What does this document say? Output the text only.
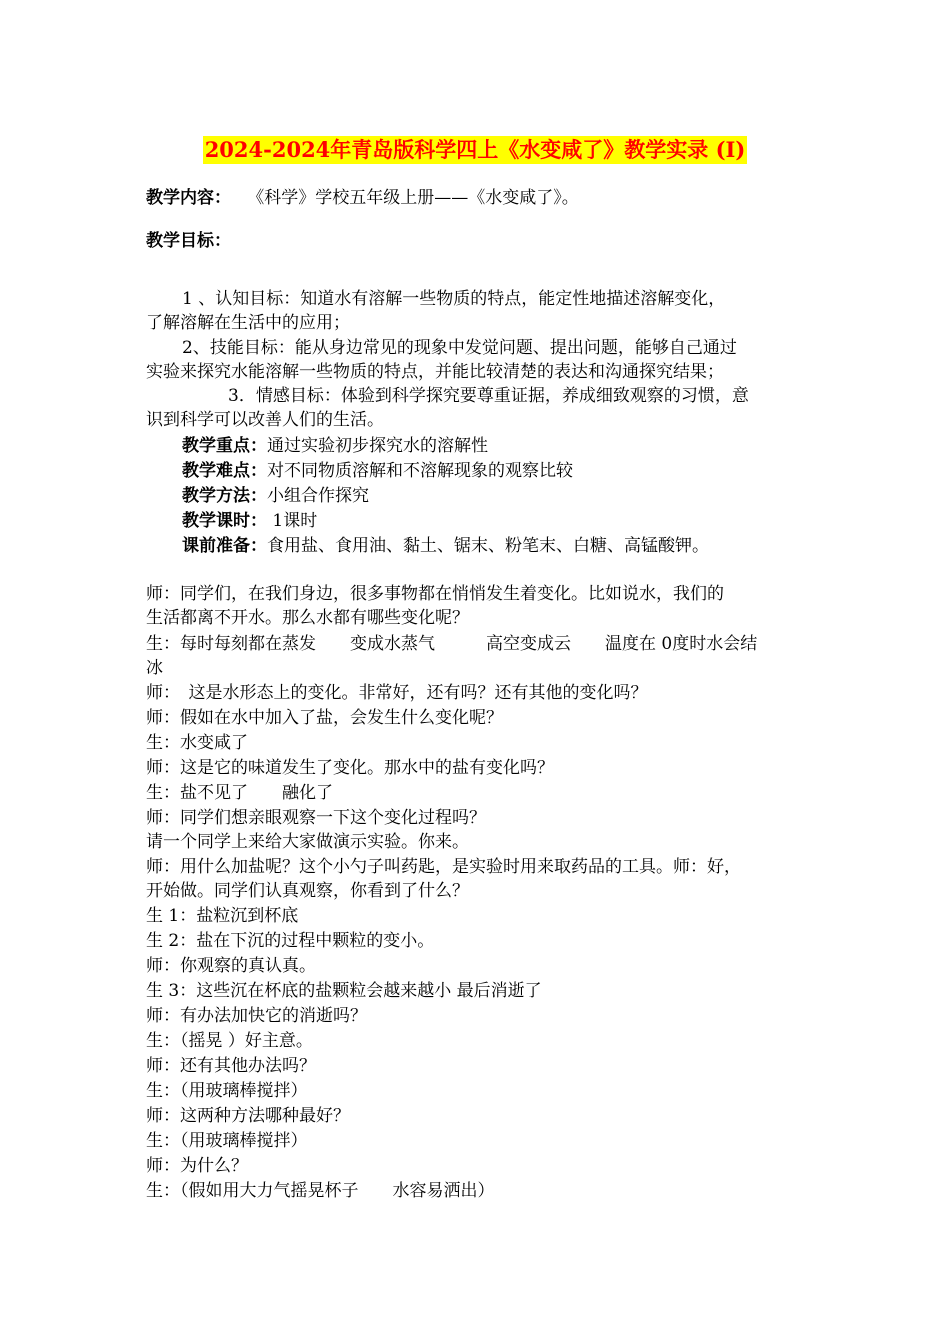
2024-2024年青岛版科学四上《水变咸了》教学实录 (I)
教学内容： 《科学》学校五年级上册——《水变咸了》。
教学目标：
1 、认知目标：知道水有溶解一些物质的特点，能定性地描述溶解变化，
了解溶解在生活中的应用；
2、技能目标：能从身边常见的现象中发觉问题、提出问题，能够自己通过
实验来探究水能溶解一些物质的特点，并能比较清楚的表达和沟通探究结果；
3．情感目标：体验到科学探究要尊重证据，养成细致观察的习惯，意
识到科学可以改善人们的生活。
教学重点：通过实验初步探究水的溶解性
教学难点：对不同物质溶解和不溶解现象的观察比较
教学方法：小组合作探究
教学课时： 1课时
课前准备：食用盐、食用油、黏土、锯末、粉笔末、白糖、高锰酸钾。
师：同学们，在我们身边，很多事物都在悄悄发生着变化。比如说水，我们的
生活都离不开水。那么水都有哪些变化呢？
生：每时每刻都在蒸发　　变成水蒸气　　　高空变成云　　温度在 0度时水会结
冰
师：　这是水形态上的变化。非常好，还有吗？还有其他的变化吗？
师：假如在水中加入了盐，会发生什么变化呢？
生：水变咸了
师：这是它的味道发生了变化。那水中的盐有变化吗？
生：盐不见了　　融化了
师：同学们想亲眼观察一下这个变化过程吗？
请一个同学上来给大家做演示实验。你来。
师：用什么加盐呢？这个小勺子叫药匙，是实验时用来取药品的工具。师：好，
开始做。同学们认真观察，你看到了什么？
生 1：盐粒沉到杯底
生 2：盐在下沉的过程中颗粒的变小。
师：你观察的真认真。
生 3：这些沉在杯底的盐颗粒会越来越小 最后消逝了
师：有办法加快它的消逝吗？
生：（摇晃 ）好主意。
师：还有其他办法吗？
生：（用玻璃棒搅拌）
师：这两种方法哪种最好？
生：（用玻璃棒搅拌）
师：为什么？
生：（假如用大力气摇晃杯子　　水容易洒出）
